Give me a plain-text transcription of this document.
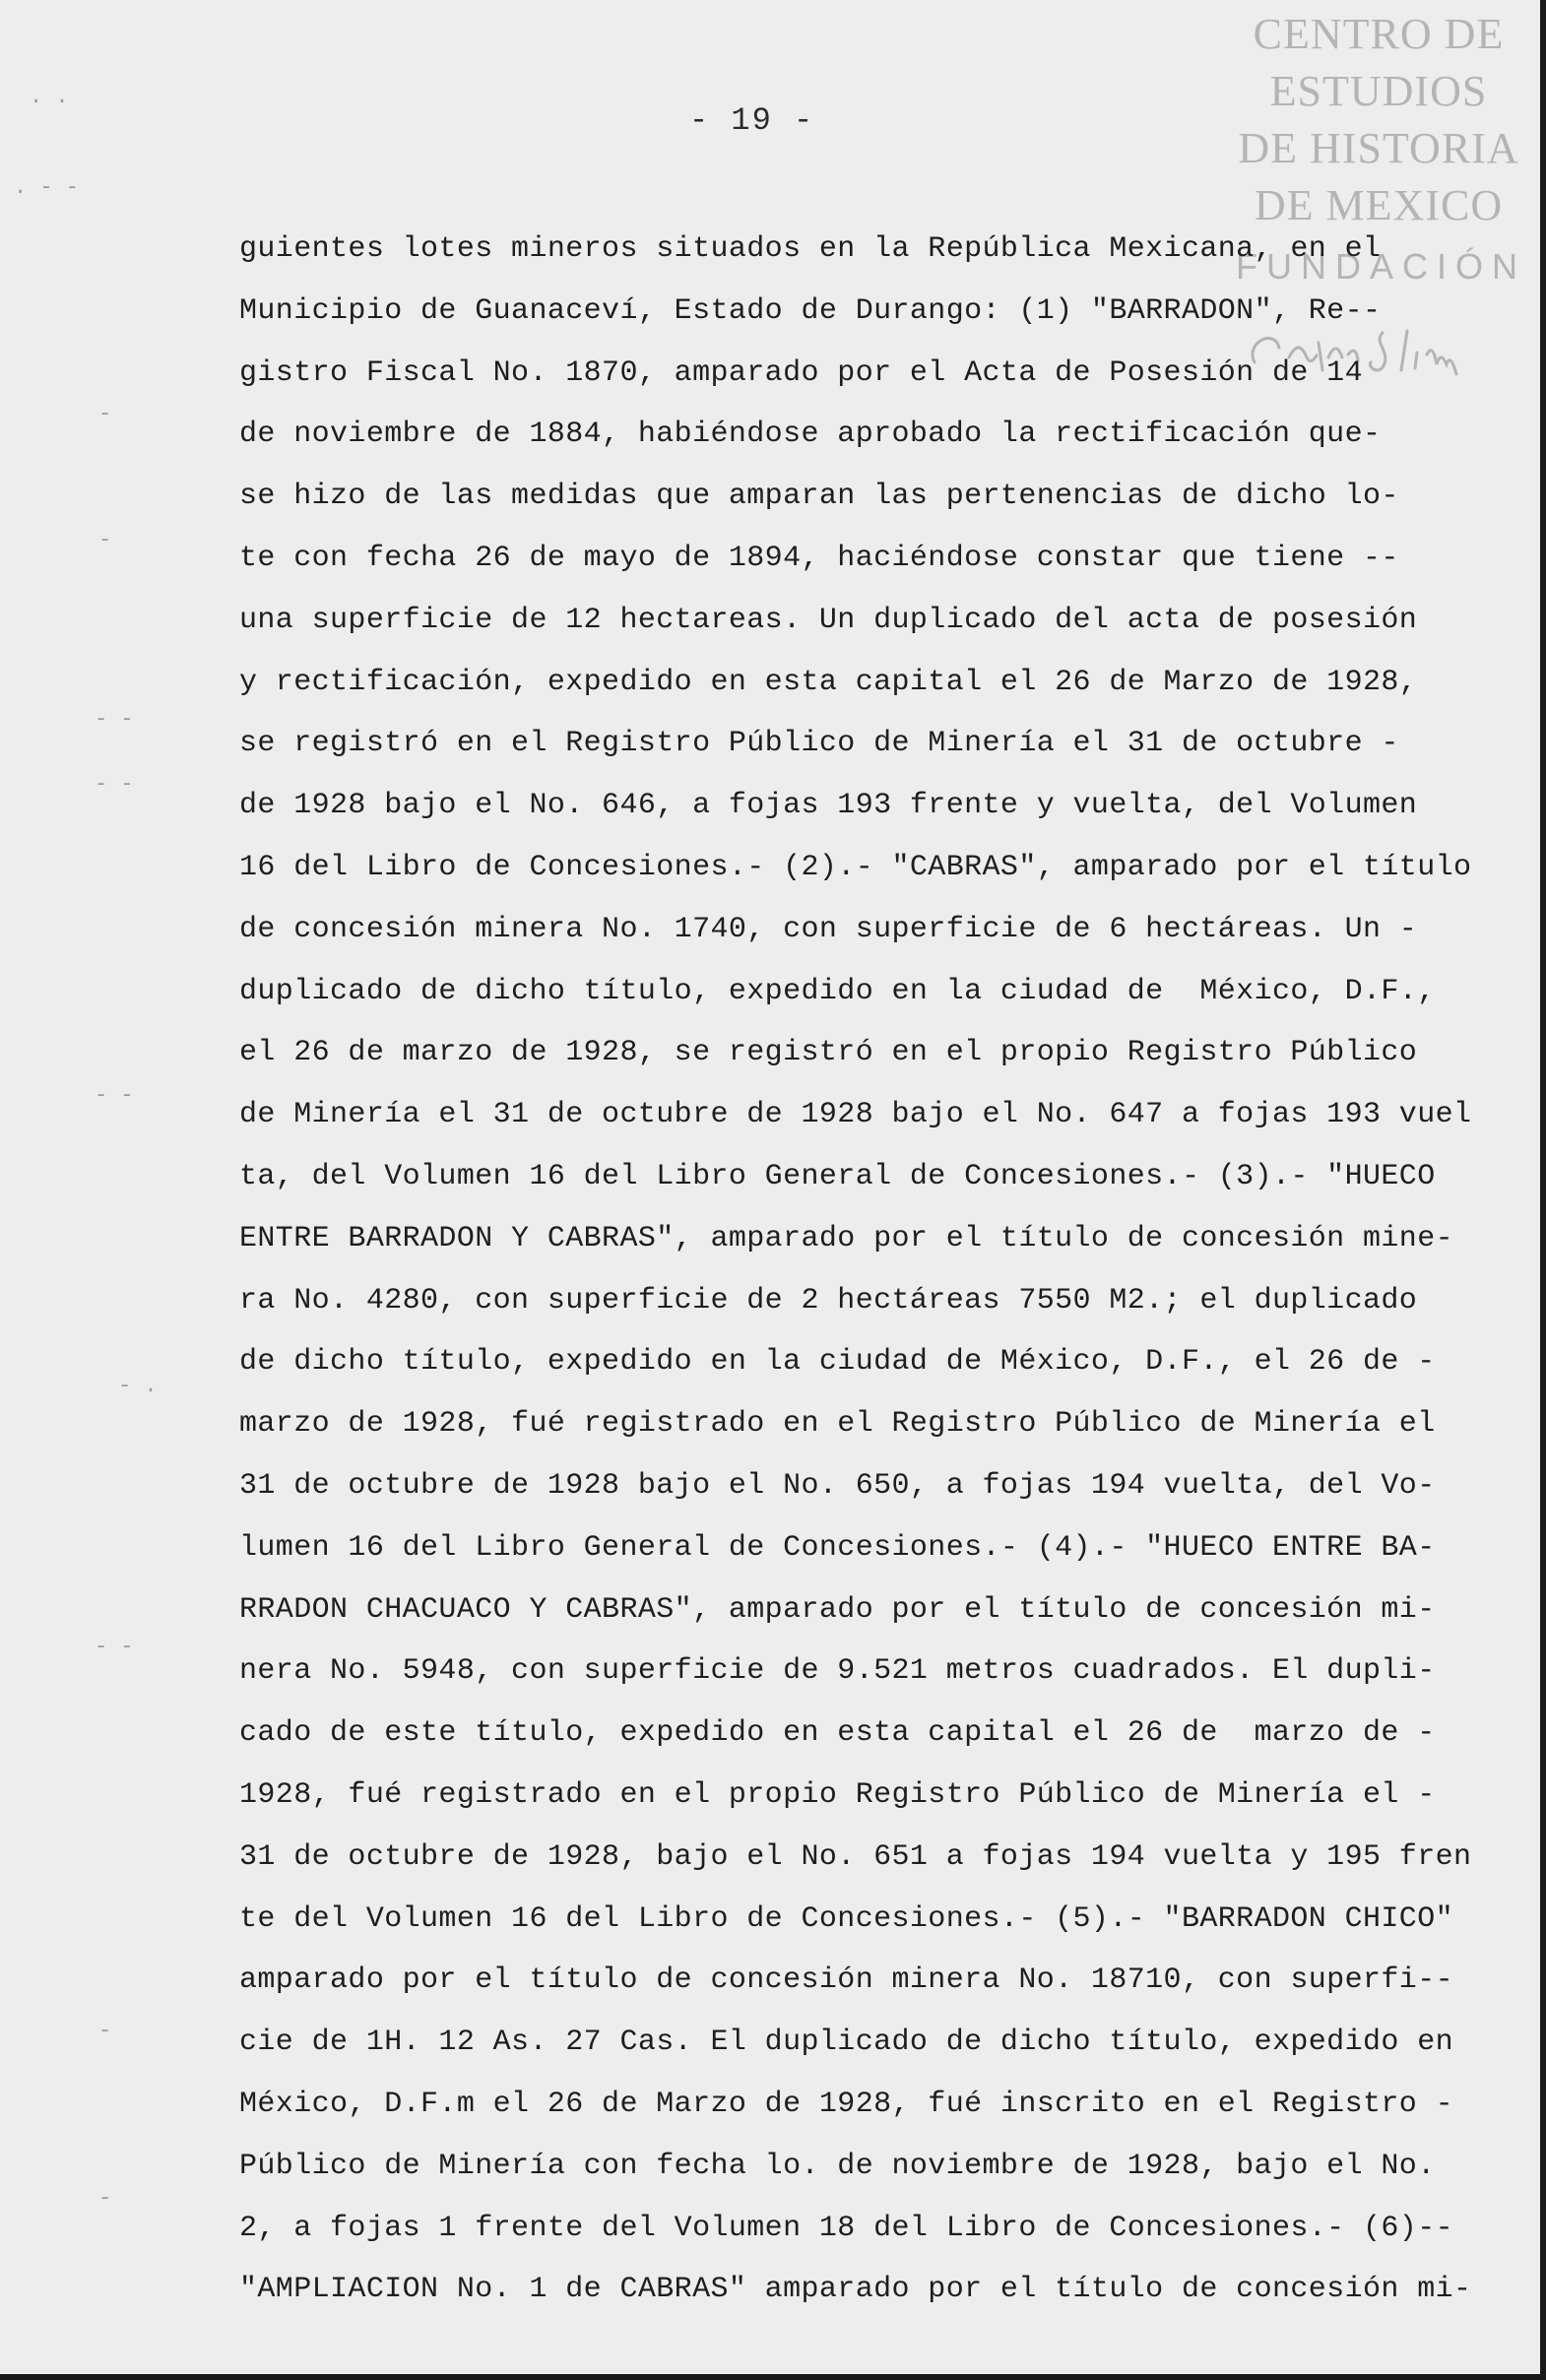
CENTRO DE
ESTUDIOS
DE HISTORIA
DE MEXICO
FUNDACIÓN
- 19 -
. .
. - -
-
-
- -
- -
- -
- .
- -
-
-
guientes lotes mineros situados en la República Mexicana, en el
Municipio de Guanaceví, Estado de Durango: (1) "BARRADON", Re--
gistro Fiscal No. 1870, amparado por el Acta de Posesión de 14
de noviembre de 1884, habiéndose aprobado la rectificación que-
se hizo de las medidas que amparan las pertenencias de dicho lo-
te con fecha 26 de mayo de 1894, haciéndose constar que tiene --
una superficie de 12 hectareas. Un duplicado del acta de posesión
y rectificación, expedido en esta capital el 26 de Marzo de 1928,
se registró en el Registro Público de Minería el 31 de octubre -
de 1928 bajo el No. 646, a fojas 193 frente y vuelta, del Volumen
16 del Libro de Concesiones.- (2).- "CABRAS", amparado por el título
de concesión minera No. 1740, con superficie de 6 hectáreas. Un -
duplicado de dicho título, expedido en la ciudad de  México, D.F.,
el 26 de marzo de 1928, se registró en el propio Registro Público
de Minería el 31 de octubre de 1928 bajo el No. 647 a fojas 193 vuel
ta, del Volumen 16 del Libro General de Concesiones.- (3).- "HUECO
ENTRE BARRADON Y CABRAS", amparado por el título de concesión mine-
ra No. 4280, con superficie de 2 hectáreas 7550 M2.; el duplicado
de dicho título, expedido en la ciudad de México, D.F., el 26 de -
marzo de 1928, fué registrado en el Registro Público de Minería el
31 de octubre de 1928 bajo el No. 650, a fojas 194 vuelta, del Vo-
lumen 16 del Libro General de Concesiones.- (4).- "HUECO ENTRE BA-
RRADON CHACUACO Y CABRAS", amparado por el título de concesión mi-
nera No. 5948, con superficie de 9.521 metros cuadrados. El dupli-
cado de este título, expedido en esta capital el 26 de  marzo de -
1928, fué registrado en el propio Registro Público de Minería el -
31 de octubre de 1928, bajo el No. 651 a fojas 194 vuelta y 195 fren
te del Volumen 16 del Libro de Concesiones.- (5).- "BARRADON CHICO"
amparado por el título de concesión minera No. 18710, con superfi--
cie de 1H. 12 As. 27 Cas. El duplicado de dicho título, expedido en
México, D.F.m el 26 de Marzo de 1928, fué inscrito en el Registro -
Público de Minería con fecha lo. de noviembre de 1928, bajo el No.
2, a fojas 1 frente del Volumen 18 del Libro de Concesiones.- (6)--
"AMPLIACION No. 1 de CABRAS" amparado por el título de concesión mi-
